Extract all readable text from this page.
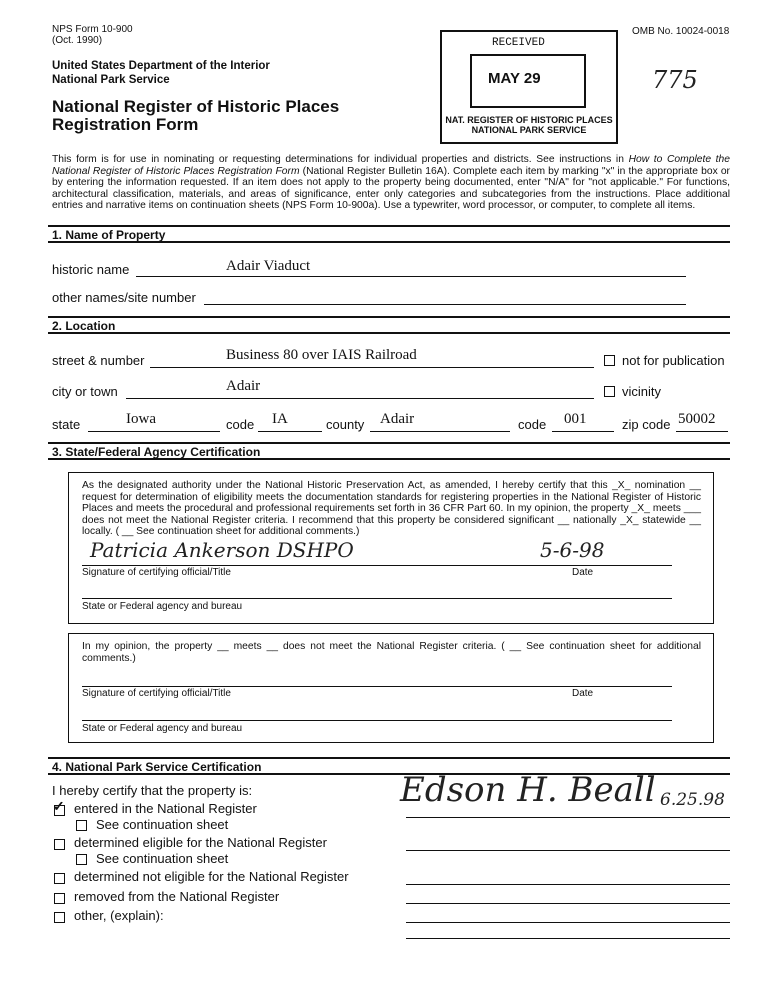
NPS Form 10-900
(Oct. 1990)
United States Department of the Interior
National Park Service
National Register of Historic Places
Registration Form
OMB No. 10024-0018
RECEIVED
MAY 29
NAT. REGISTER OF HISTORIC PLACES
NATIONAL PARK SERVICE
775
This form is for use in nominating or requesting determinations for individual properties and districts. See instructions in How to Complete the National Register of Historic Places Registration Form (National Register Bulletin 16A). Complete each item by marking "x" in the appropriate box or by entering the information requested. If an item does not apply to the property being documented, enter "N/A" for "not applicable." For functions, architectural classification, materials, and areas of significance, enter only categories and subcategories from the instructions. Place additional entries and narrative items on continuation sheets (NPS Form 10-900a). Use a typewriter, word processor, or computer, to complete all items.
1. Name of Property
historic name	Adair Viaduct
other names/site number
2. Location
street & number	Business 80 over IAIS Railroad	not for publication
city or town	Adair	vicinity
state	Iowa	code IA	county Adair	code 001	zip code 50002
3. State/Federal Agency Certification
As the designated authority under the National Historic Preservation Act, as amended, I hereby certify that this _X_ nomination __ request for determination of eligibility meets the documentation standards for registering properties in the National Register of Historic Places and meets the procedural and professional requirements set forth in 36 CFR Part 60. In my opinion, the property _X_ meets ___ does not meet the National Register criteria. I recommend that this property be considered significant __ nationally _X_ statewide __ locally. ( __ See continuation sheet for additional comments.)
Patricia Ankerson DSHPO	5-6-98
Signature of certifying official/Title	Date
State or Federal agency and bureau
In my opinion, the property __ meets __ does not meet the National Register criteria. ( __ See continuation sheet for additional comments.)
Signature of certifying official/Title	Date
State or Federal agency and bureau
4. National Park Service Certification
I hereby certify that the property is:
✓ entered in the National Register
See continuation sheet
determined eligible for the National Register
See continuation sheet
determined not eligible for the National Register
removed from the National Register
other, (explain):
Edson H. Beall 6.25.98
